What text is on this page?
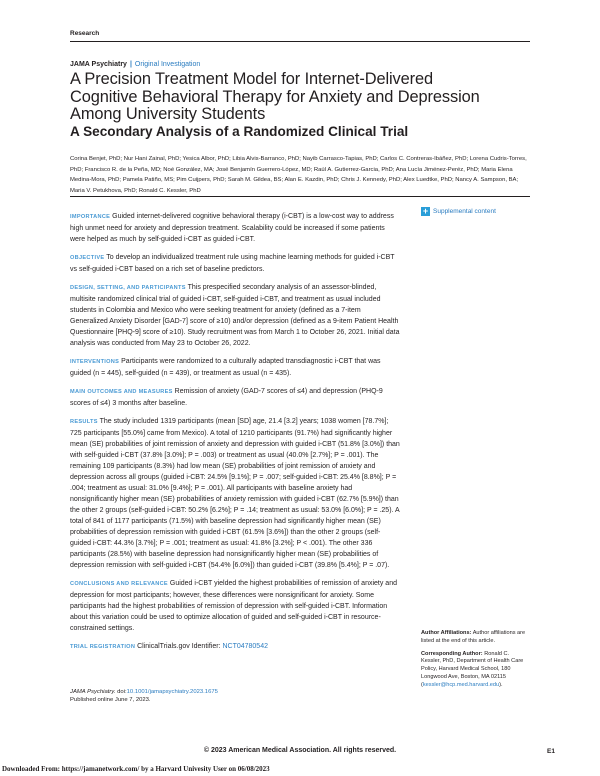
Research
JAMA Psychiatry | Original Investigation
A Precision Treatment Model for Internet-Delivered Cognitive Behavioral Therapy for Anxiety and Depression Among University Students
A Secondary Analysis of a Randomized Clinical Trial

Corina Benjet, PhD; Nur Hani Zainal, PhD; Yesica Albor, PhD; Libia Alvis-Barranco, PhD; Nayib Carrasco-Tapias, PhD; Carlos C. Contreras-Ibáñez, PhD; Lorena Cudris-Torres, PhD; Francisco R. de la Peña, MD; Noé González, MA; José Benjamín Guerrero-López, MD; Raúl A. Gutierrez-Garcia, PhD; Ana Lucía Jiménez-Peréz, PhD; Maria Elena Medina-Mora, PhD; Pamela Patiño, MS; Pim Cuijpers, PhD; Sarah M. Gildea, BS; Alan E. Kazdin, PhD; Chris J. Kennedy, PhD; Alex Luedtke, PhD; Nancy A. Sampson, BA; Maria V. Petukhova, PhD; Ronald C. Kessler, PhD

+ Supplemental content

IMPORTANCE Guided internet-delivered cognitive behavioral therapy (i-CBT) is a low-cost way to address high unmet need for anxiety and depression treatment. Scalability could be increased if some patients were helped as much by self-guided i-CBT as guided i-CBT.

OBJECTIVE To develop an individualized treatment rule using machine learning methods for guided i-CBT vs self-guided i-CBT based on a rich set of baseline predictors.

DESIGN, SETTING, AND PARTICIPANTS This prespecified secondary analysis of an assessor-blinded, multisite randomized clinical trial of guided i-CBT, self-guided i-CBT, and treatment as usual included students in Colombia and Mexico who were seeking treatment for anxiety (defined as a 7-item Generalized Anxiety Disorder [GAD-7] score of ≥10) and/or depression (defined as a 9-item Patient Health Questionnaire [PHQ-9] score of ≥10). Study recruitment was from March 1 to October 26, 2021. Initial data analysis was conducted from May 23 to October 26, 2022.

INTERVENTIONS Participants were randomized to a culturally adapted transdiagnostic i-CBT that was guided (n = 445), self-guided (n = 439), or treatment as usual (n = 435).

MAIN OUTCOMES AND MEASURES Remission of anxiety (GAD-7 scores of ≤4) and depression (PHQ-9 scores of ≤4) 3 months after baseline.

RESULTS The study included 1319 participants (mean [SD] age, 21.4 [3.2] years; 1038 women [78.7%]; 725 participants [55.0%] came from Mexico). A total of 1210 participants (91.7%) had significantly higher mean (SE) probabilities of joint remission of anxiety and depression with guided i-CBT (51.8% [3.0%]) than with self-guided i-CBT (37.8% [3.0%]; P = .003) or treatment as usual (40.0% [2.7%]; P = .001). The remaining 109 participants (8.3%) had low mean (SE) probabilities of joint remission of anxiety and depression across all groups (guided i-CBT: 24.5% [9.1%]; P = .007; self-guided i-CBT: 25.4% [8.8%]; P = .004; treatment as usual: 31.0% [9.4%]; P = .001). All participants with baseline anxiety had nonsignificantly higher mean (SE) probabilities of anxiety remission with guided i-CBT (62.7% [5.9%]) than the other 2 groups (self-guided i-CBT: 50.2% [6.2%]; P = .14; treatment as usual: 53.0% [6.0%]; P = .25). A total of 841 of 1177 participants (71.5%) with baseline depression had significantly higher mean (SE) probabilities of depression remission with guided i-CBT (61.5% [3.6%]) than the other 2 groups (self-guided i-CBT: 44.3% [3.7%]; P = .001; treatment as usual: 41.8% [3.2%]; P < .001). The other 336 participants (28.5%) with baseline depression had nonsignificantly higher mean (SE) probabilities of depression remission with self-guided i-CBT (54.4% [6.0%]) than guided i-CBT (39.8% [5.4%]; P = .07).

CONCLUSIONS AND RELEVANCE Guided i-CBT yielded the highest probabilities of remission of anxiety and depression for most participants; however, these differences were nonsignificant for anxiety. Some participants had the highest probabilities of remission of depression with self-guided i-CBT. Information about this variation could be used to optimize allocation of guided and self-guided i-CBT in resource-constrained settings.

TRIAL REGISTRATION ClinicalTrials.gov Identifier: NCT04780542

Author Affiliations: Author affiliations are listed at the end of this article.

Corresponding Author: Ronald C. Kessler, PhD, Department of Health Care Policy, Harvard Medical School, 180 Longwood Ave, Boston, MA 02115 (kessler@hcp.med.harvard.edu).

JAMA Psychiatry. doi:10.1001/jamapsychiatry.2023.1675
Published online June 7, 2023.
© 2023 American Medical Association. All rights reserved.	E1
Downloaded From: https://jamanetwork.com/ by a Harvard Univesity User on 06/08/2023
